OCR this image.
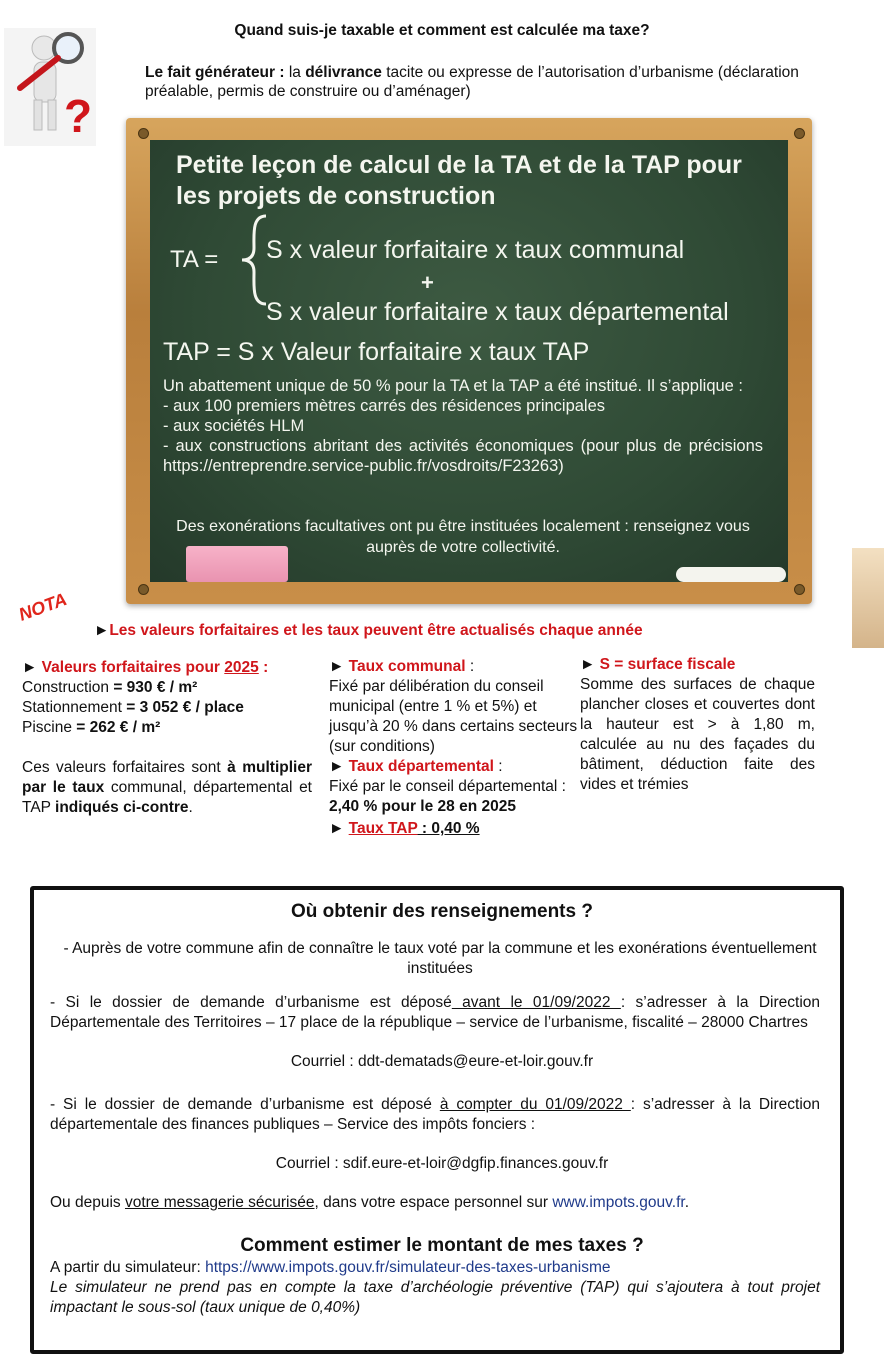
?
Quand suis-je taxable et comment est calculée ma taxe?
Le fait générateur : la délivrance tacite ou expresse de l’autorisation d’urbanisme (déclaration préalable, permis de construire ou d’aménager)
Petite leçon de calcul de la TA et de la TAP pour les projets de construction
TA = S x valeur forfaitaire x taux communal
+
S x valeur forfaitaire x taux départemental
TAP = S x Valeur forfaitaire x taux TAP
Un abattement unique de 50 % pour la TA et la TAP a été institué. Il s’applique :
- aux 100 premiers mètres carrés des résidences principales
- aux sociétés HLM
- aux constructions abritant des activités économiques (pour plus de précisions https://entreprendre.service-public.fr/vosdroits/F23263)
Des exonérations facultatives ont pu être instituées localement : renseignez vous auprès de votre collectivité.
NOTA
►Les valeurs forfaitaires et les taux peuvent être actualisés chaque année
► Valeurs forfaitaires pour 2025 :
Construction = 930 € / m²
Stationnement = 3 052 € / place
Piscine = 262 € / m²
Ces valeurs forfaitaires sont à multiplier par le taux communal, départemental et TAP indiqués ci-contre.
► Taux communal :
Fixé par délibération du conseil municipal (entre 1 % et 5%) et jusqu’à 20 % dans certains secteurs (sur conditions)
► Taux départemental :
Fixé par le conseil départemental :
2,40 % pour le 28 en 2025
► Taux TAP : 0,40 %
► S = surface fiscale
Somme des surfaces de chaque plancher closes et couvertes dont la hauteur est > à 1,80 m, calculée au nu des façades du bâtiment, déduction faite des vides et trémies
Où obtenir des renseignements ?
- Auprès de votre commune afin de connaître le taux voté par la commune et les exonérations éventuellement instituées
- Si le dossier de demande d’urbanisme est déposé avant le 01/09/2022 : s’adresser à la Direction Départementale des Territoires – 17 place de la république – service de l’urbanisme, fiscalité – 28000 Chartres
Courriel : ddt-dematads@eure-et-loir.gouv.fr
- Si le dossier de demande d’urbanisme est déposé à compter du 01/09/2022 : s’adresser à la Direction départementale des finances publiques – Service des impôts fonciers :
Courriel : sdif.eure-et-loir@dgfip.finances.gouv.fr
Ou depuis votre messagerie sécurisée, dans votre espace personnel sur www.impots.gouv.fr.
Comment estimer le montant de mes taxes ?
A partir du simulateur: https://www.impots.gouv.fr/simulateur-des-taxes-urbanisme
Le simulateur ne prend pas en compte la taxe d’archéologie préventive (TAP) qui s’ajoutera à tout projet impactant le sous-sol (taux unique de 0,40%)
